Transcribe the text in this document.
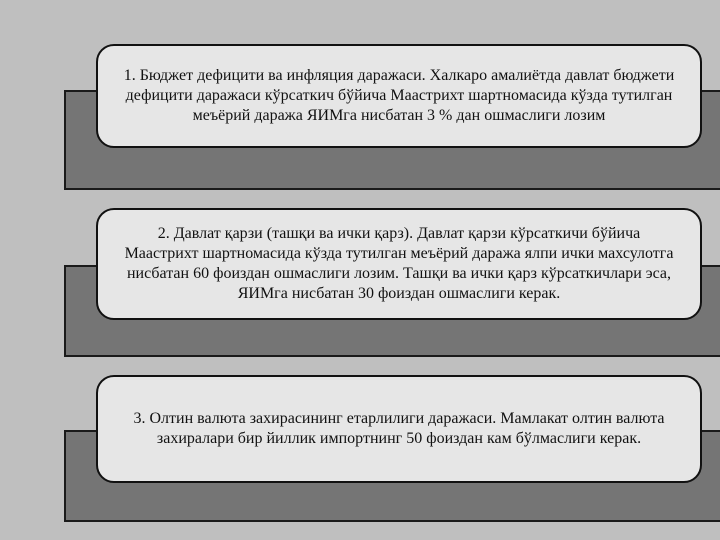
1. Бюджет дефицити ва инфляция даражаси. Халкаро амалиётда давлат бюджети дефицити даражаси кўрсаткич бўйича Маастрихт шартномасида кўзда тутилган меъёрий даража ЯИМга нисбатан 3 % дан ошмаслиги лозим
2. Давлат қарзи (ташқи ва ички қарз). Давлат қарзи кўрсаткичи бўйича Маастрихт шартномасида кўзда тутилган меъёрий даража ялпи ички махсулотга нисбатан 60 фоиздан ошмаслиги лозим. Ташқи ва ички қарз кўрсаткичлари эса, ЯИМга нисбатан 30 фоиздан ошмаслиги керак.
3. Олтин валюта захирасининг етарлилиги даражаси. Мамлакат олтин валюта захиралари бир йиллик импортнинг 50 фоиздан кам бўлмаслиги керак.
